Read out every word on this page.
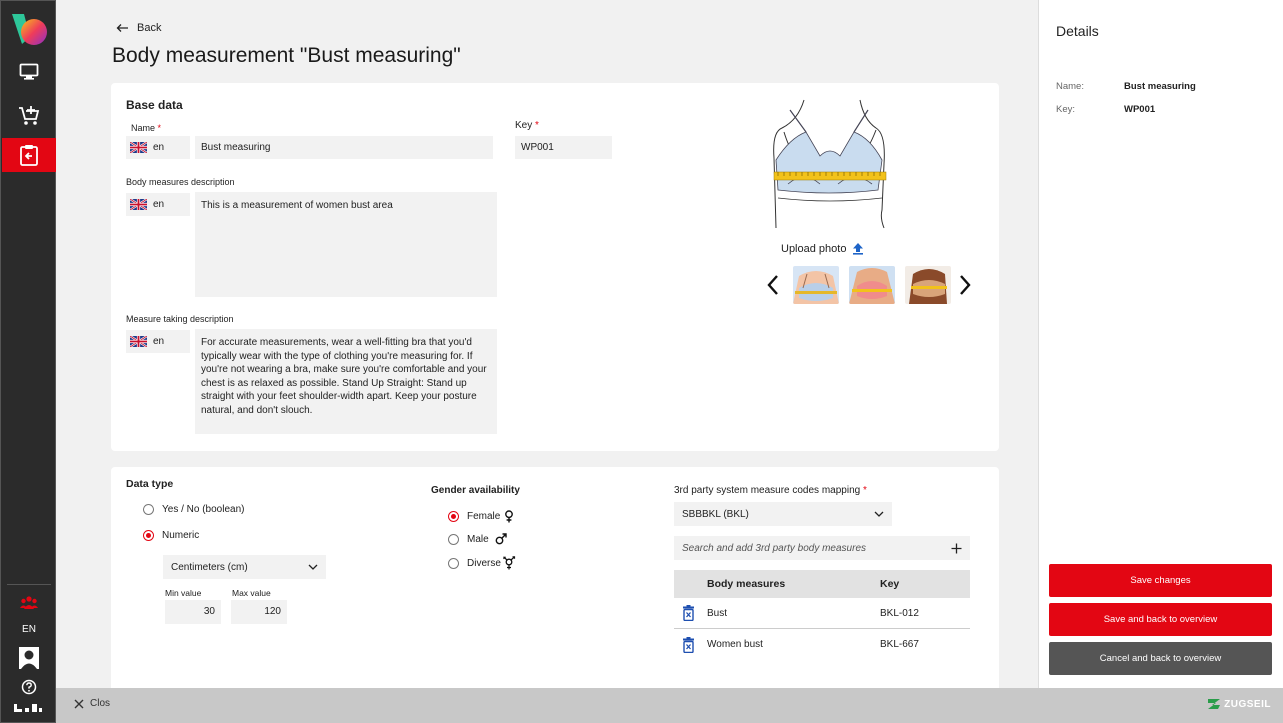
EN
Back
Body measurement "Bust measuring"
Base data
Name *
en	Bust measuring
Key *
WP001
Body measures description
en	This is a measurement of women bust area
Measure taking description
en	For accurate measurements, wear a well-fitting bra that you'd typically wear with the type of clothing you're measuring for. If you're not wearing a bra, make sure you're comfortable and your chest is as relaxed as possible. Stand Up Straight: Stand up straight with your feet shoulder-width apart. Keep your posture natural, and don't slouch.
Upload photo
Data type
Yes / No (boolean)
Numeric
Centimeters (cm)
Min value	Max value
30	120
Gender availability
Female
Male
Diverse
3rd party system measure codes mapping *
SBBBKL (BKL)
Search and add 3rd party body measures
Body measures	Key
Bust	BKL-012
Women bust	BKL-667
Clos	ZUGSEIL
Details
Name:	Bust measuring
Key:	WP001
Save changes
Save and back to overview
Cancel and back to overview
